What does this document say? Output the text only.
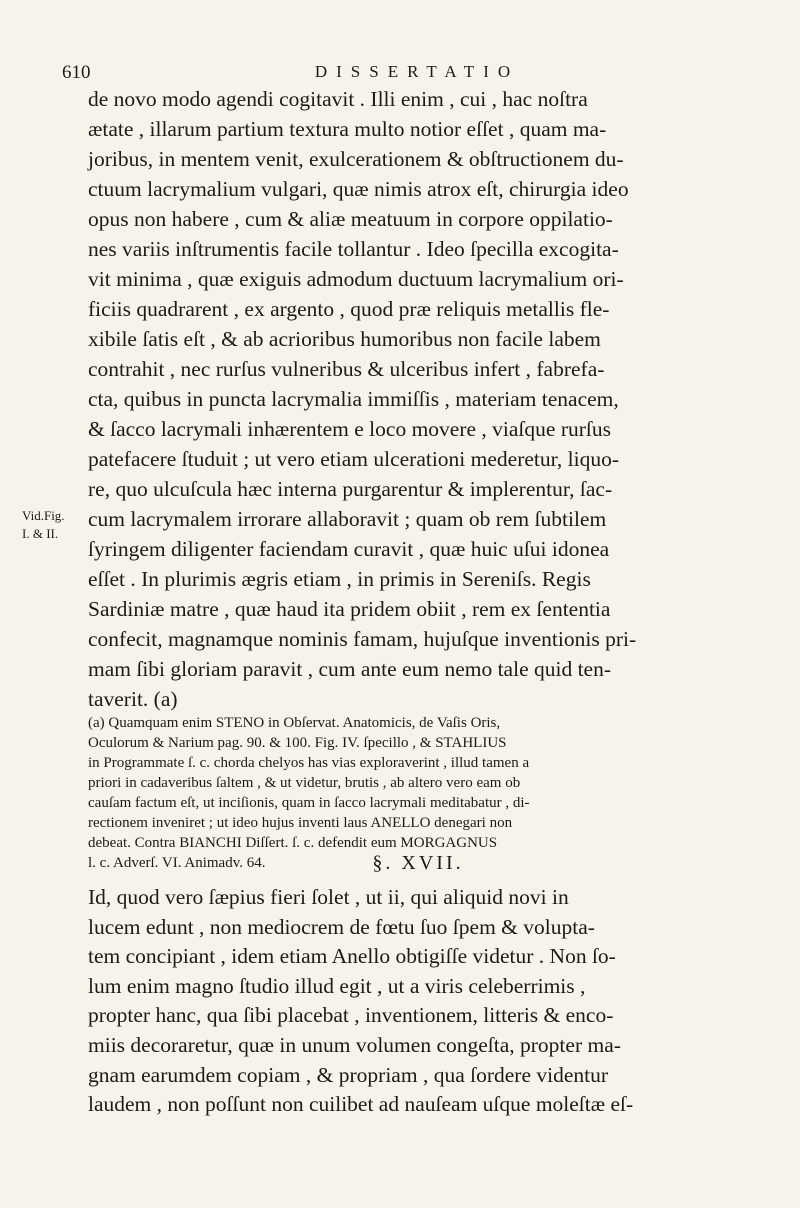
610	DISSERTATIO
Vid.Fig.
I. & II.
de novo modo agendi cogitavit . Illi enim , cui , hac noſtra
ætate , illarum partium textura multo notior eſſet , quam ma-
joribus, in mentem venit, exulcerationem & obſtructionem du-
ctuum lacrymalium vulgari, quæ nimis atrox eſt, chirurgia ideo
opus non habere , cum & aliæ meatuum in corpore oppilatio-
nes variis inſtrumentis facile tollantur . Ideo ſpecilla excogita-
vit minima , quæ exiguis admodum ductuum lacrymalium ori-
ficiis quadrarent , ex argento , quod præ reliquis metallis fle-
xibile ſatis eſt , & ab acrioribus humoribus non facile labem
contrahit , nec rurſus vulneribus & ulceribus infert , fabrefa-
cta, quibus in puncta lacrymalia immiſſis , materiam tenacem,
& ſacco lacrymali inhærentem e loco movere , viaſque rurſus
patefacere ſtuduit ; ut vero etiam ulcerationi mederetur, liquo-
re, quo ulcuſcula hæc interna purgarentur & implerentur, ſac-
cum lacrymalem irrorare allaboravit ; quam ob rem ſubtilem
ſyringem diligenter faciendam curavit , quæ huic uſui idonea
eſſet . In plurimis ægris etiam , in primis in Sereniſs. Regis
Sardiniæ matre , quæ haud ita pridem obiit , rem ex ſententia
confecit, magnamque nominis famam, hujuſque inventionis pri-
mam ſibi gloriam paravit , cum ante eum nemo tale quid ten-
taverit. (a)
(a) Quamquam enim STENO in Obſervat. Anatomicis, de Vaſis Oris,
Oculorum & Narium pag. 90. & 100. Fig. IV. ſpecillo , & STAHLIUS
in Programmate ſ. c. chorda chelyos has vias exploraverint , illud tamen a
priori in cadaveribus ſaltem , & ut videtur, brutis , ab altero vero eam ob
cauſam factum eſt, ut inciſionis, quam in ſacco lacrymali meditabatur , di-
rectionem inveniret ; ut ideo hujus inventi laus ANELLO denegari non
debeat. Contra BIANCHI Diſſert. ſ. c. defendit eum MORGAGNUS
l. c. Adverſ. VI. Animadv. 64.	§. XVII.
Id, quod vero ſæpius fieri ſolet , ut ii, qui aliquid novi in
lucem edunt , non mediocrem de fœtu ſuo ſpem & volupta-
tem concipiant , idem etiam Anello obtigiſſe videtur . Non ſo-
lum enim magno ſtudio illud egit , ut a viris celeberrimis ,
propter hanc, qua ſibi placebat , inventionem, litteris & enco-
miis decoraretur, quæ in unum volumen congeſta, propter ma-
gnam earumdem copiam , & propriam , qua ſordere videntur
laudem , non poſſunt non cuilibet ad nauſeam uſque moleſtæ eſ-
